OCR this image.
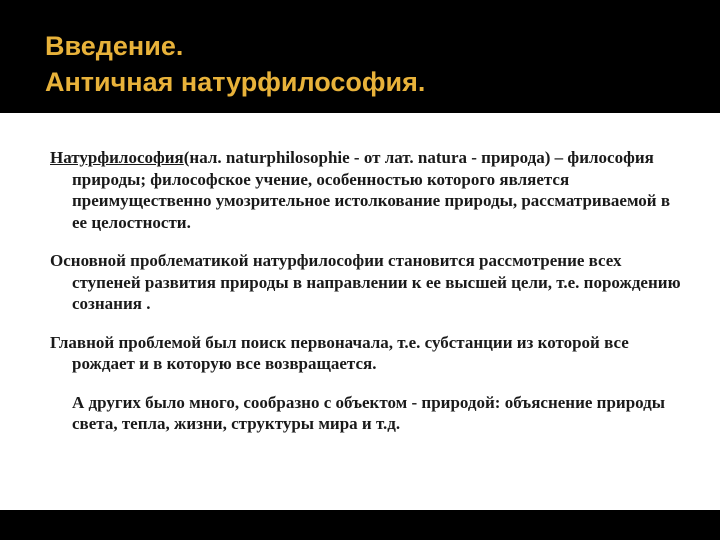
Введение.
Античная натурфилософия.

Натурфилософия(нал. naturphilosophie - от лат. natura - природа) – философия природы; философское учение, особенностью которого является преимущественно умозрительное истолкование природы, рассматриваемой в ее целостности.

Основной проблематикой натурфилософии становится рассмотрение всех ступеней развития природы в направлении к ее высшей цели, т.е. порождению сознания .

Главной проблемой был поиск первоначала, т.е. субстанции из которой все рождает и в которую все возвращается.

А других было много, сообразно с объектом - природой: объяснение природы света, тепла, жизни, структуры мира и т.д.
